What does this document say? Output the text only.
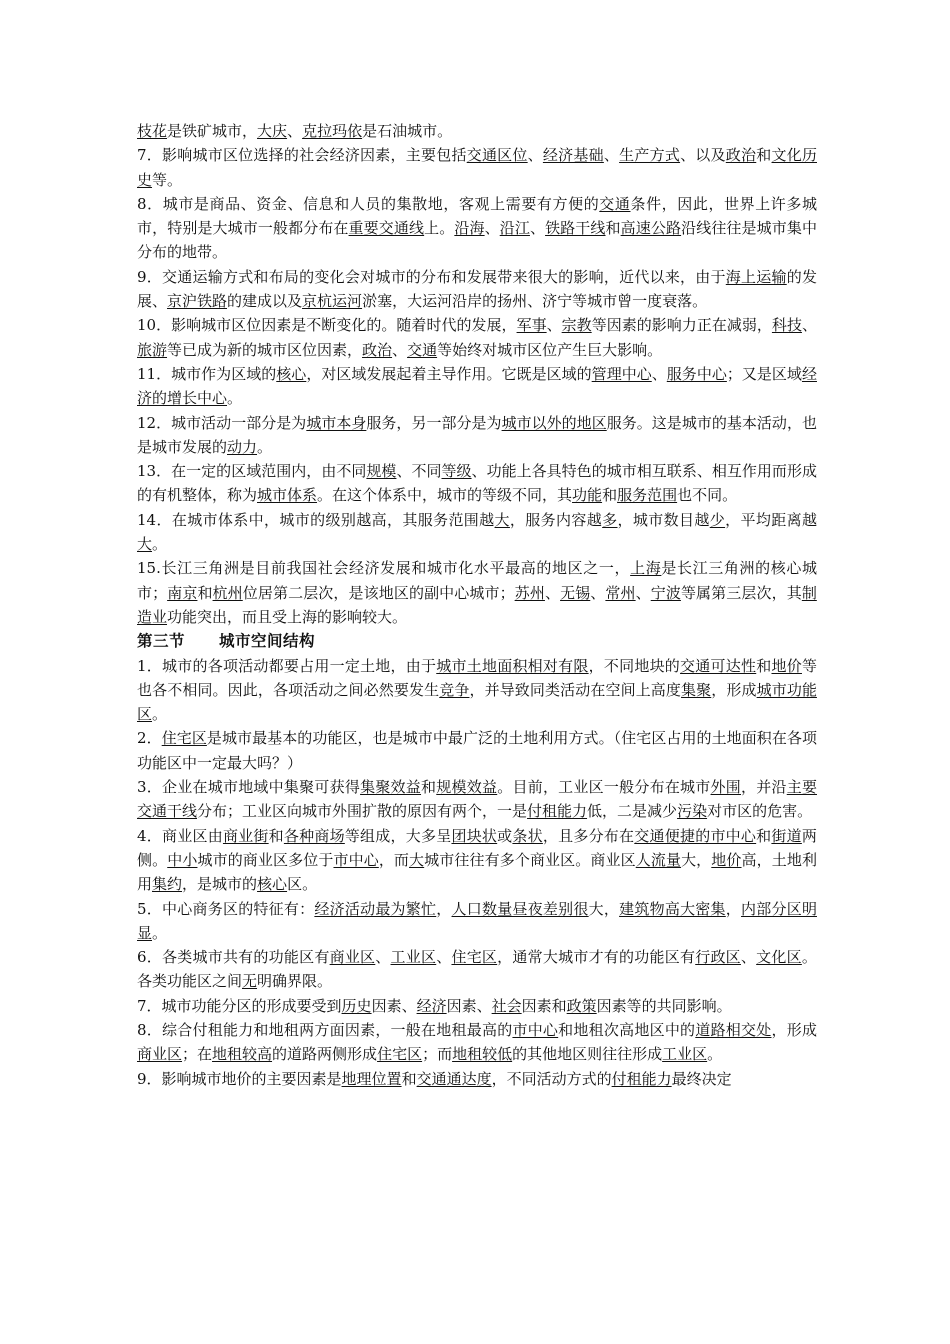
枝花是铁矿城市，大庆、克拉玛依是石油城市。

7．影响城市区位选择的社会经济因素，主要包括交通区位、经济基础、生产方式、以及政治和文化历史等。

8．城市是商品、资金、信息和人员的集散地，客观上需要有方便的交通条件，因此，世界上许多城市，特别是大城市一般都分布在重要交通线上。沿海、沿江、铁路干线和高速公路沿线往往是城市集中分布的地带。

9．交通运输方式和布局的变化会对城市的分布和发展带来很大的影响，近代以来，由于海上运输的发展、京沪铁路的建成以及京杭运河淤塞，大运河沿岸的扬州、济宁等城市曾一度衰落。

10．影响城市区位因素是不断变化的。随着时代的发展，军事、宗教等因素的影响力正在减弱，科技、旅游等已成为新的城市区位因素，政治、交通等始终对城市区位产生巨大影响。

11．城市作为区域的核心，对区域发展起着主导作用。它既是区域的管理中心、服务中心；又是区域经济的增长中心。

12．城市活动一部分是为城市本身服务，另一部分是为城市以外的地区服务。这是城市的基本活动，也是城市发展的动力。

13．在一定的区域范围内，由不同规模、不同等级、功能上各具特色的城市相互联系、相互作用而形成的有机整体，称为城市体系。在这个体系中，城市的等级不同，其功能和服务范围也不同。

14．在城市体系中，城市的级别越高，其服务范围越大，服务内容越多，城市数目越少，平均距离越大。

15.长江三角洲是目前我国社会经济发展和城市化水平最高的地区之一，上海是长江三角洲的核心城市；南京和杭州位居第二层次，是该地区的副中心城市；苏州、无锡、常州、宁波等属第三层次，其制造业功能突出，而且受上海的影响较大。

第三节 城市空间结构

1．城市的各项活动都要占用一定土地，由于城市土地面积相对有限，不同地块的交通可达性和地价等也各不相同。因此，各项活动之间必然要发生竞争，并导致同类活动在空间上高度集聚，形成城市功能区。

2．住宅区是城市最基本的功能区，也是城市中最广泛的土地利用方式。（住宅区占用的土地面积在各项功能区中一定最大吗？）

3．企业在城市地域中集聚可获得集聚效益和规模效益。目前，工业区一般分布在城市外围，并沿主要交通干线分布；工业区向城市外围扩散的原因有两个，一是付租能力低，二是减少污染对市区的危害。

4．商业区由商业街和各种商场等组成，大多呈团块状或条状，且多分布在交通便捷的市中心和街道两侧。中小城市的商业区多位于市中心，而大城市往往有多个商业区。商业区人流量大，地价高，土地利用集约，是城市的核心区。

5．中心商务区的特征有：经济活动最为繁忙，人口数量昼夜差别很大，建筑物高大密集，内部分区明显。

6．各类城市共有的功能区有商业区、工业区、住宅区，通常大城市才有的功能区有行政区、文化区。各类功能区之间无明确界限。

7．城市功能分区的形成要受到历史因素、经济因素、社会因素和政策因素等的共同影响。

8．综合付租能力和地租两方面因素，一般在地租最高的市中心和地租次高地区中的道路相交处，形成商业区；在地租较高的道路两侧形成住宅区；而地租较低的其他地区则往往形成工业区。

9．影响城市地价的主要因素是地理位置和交通通达度，不同活动方式的付租能力最终决定
